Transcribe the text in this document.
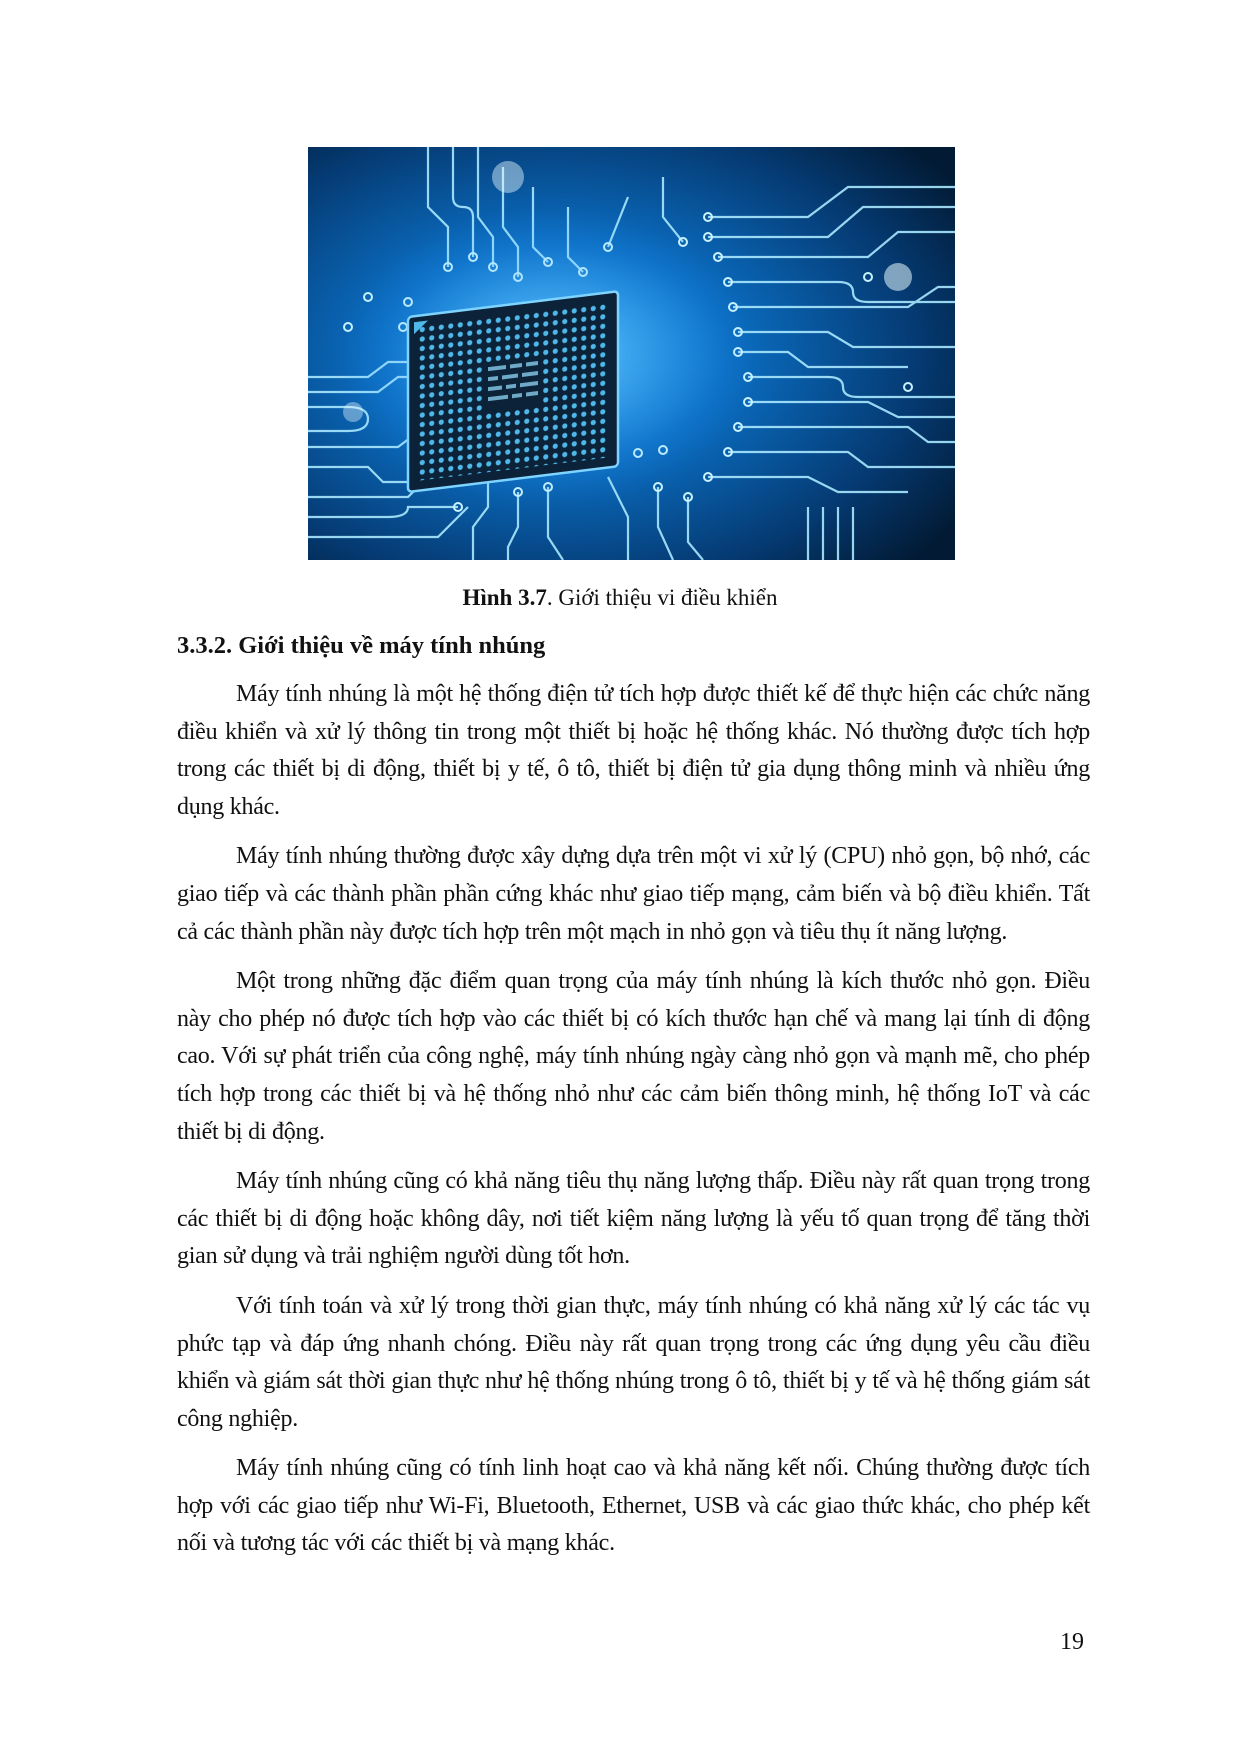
Hình 3.7. Giới thiệu vi điều khiển
3.3.2. Giới thiệu về máy tính nhúng

Máy tính nhúng là một hệ thống điện tử tích hợp được thiết kế để thực hiện các chức năng điều khiển và xử lý thông tin trong một thiết bị hoặc hệ thống khác. Nó thường được tích hợp trong các thiết bị di động, thiết bị y tế, ô tô, thiết bị điện tử gia dụng thông minh và nhiều ứng dụng khác.

Máy tính nhúng thường được xây dựng dựa trên một vi xử lý (CPU) nhỏ gọn, bộ nhớ, các giao tiếp và các thành phần phần cứng khác như giao tiếp mạng, cảm biến và bộ điều khiển. Tất cả các thành phần này được tích hợp trên một mạch in nhỏ gọn và tiêu thụ ít năng lượng.

Một trong những đặc điểm quan trọng của máy tính nhúng là kích thước nhỏ gọn. Điều này cho phép nó được tích hợp vào các thiết bị có kích thước hạn chế và mang lại tính di động cao. Với sự phát triển của công nghệ, máy tính nhúng ngày càng nhỏ gọn và mạnh mẽ, cho phép tích hợp trong các thiết bị và hệ thống nhỏ như các cảm biến thông minh, hệ thống IoT và các thiết bị di động.

Máy tính nhúng cũng có khả năng tiêu thụ năng lượng thấp. Điều này rất quan trọng trong các thiết bị di động hoặc không dây, nơi tiết kiệm năng lượng là yếu tố quan trọng để tăng thời gian sử dụng và trải nghiệm người dùng tốt hơn.

Với tính toán và xử lý trong thời gian thực, máy tính nhúng có khả năng xử lý các tác vụ phức tạp và đáp ứng nhanh chóng. Điều này rất quan trọng trong các ứng dụng yêu cầu điều khiển và giám sát thời gian thực như hệ thống nhúng trong ô tô, thiết bị y tế và hệ thống giám sát công nghiệp.

Máy tính nhúng cũng có tính linh hoạt cao và khả năng kết nối. Chúng thường được tích hợp với các giao tiếp như Wi-Fi, Bluetooth, Ethernet, USB và các giao thức khác, cho phép kết nối và tương tác với các thiết bị và mạng khác.

19
